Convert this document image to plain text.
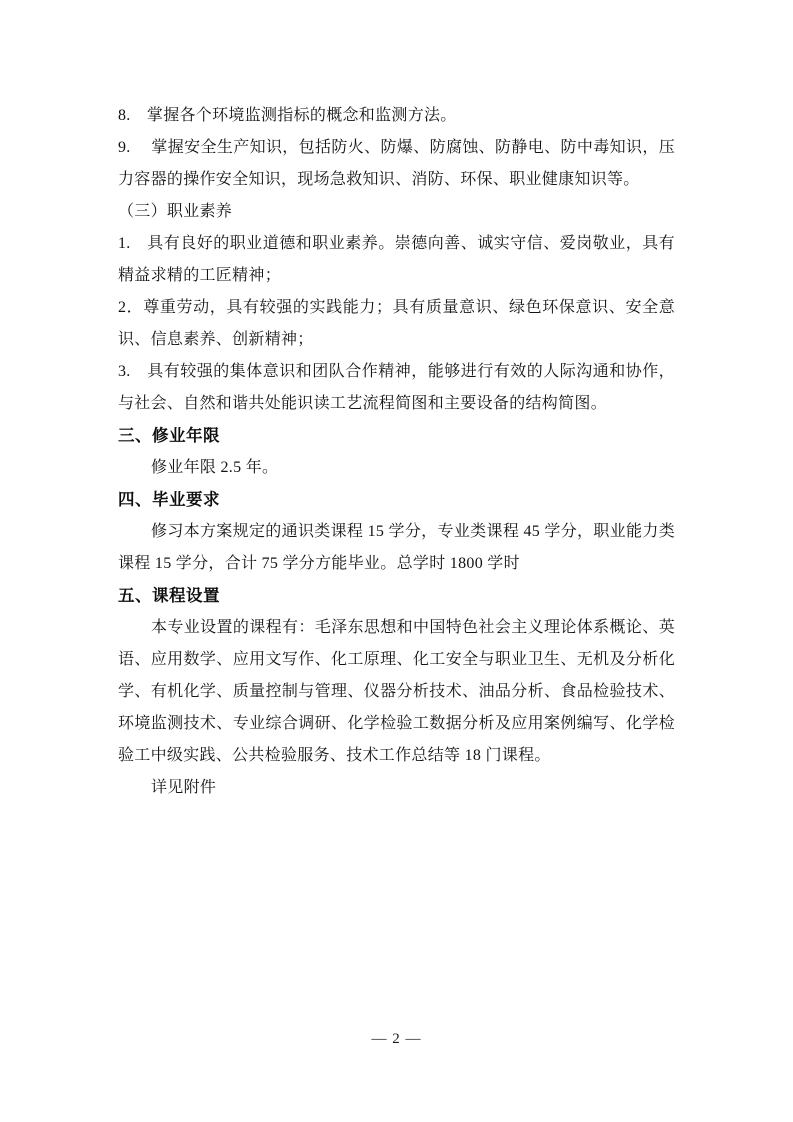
8.　掌握各个环境监测指标的概念和监测方法。

9.　 掌握安全生产知识，包括防火、防爆、防腐蚀、防静电、防中毒知识，压力容器的操作安全知识，现场急救知识、消防、环保、职业健康知识等。

（三）职业素养

1.　具有良好的职业道德和职业素养。崇德向善、诚实守信、爱岗敬业，具有精益求精的工匠精神；

2．尊重劳动，具有较强的实践能力；具有质量意识、绿色环保意识、安全意识、信息素养、创新精神；

3.　具有较强的集体意识和团队合作精神，能够进行有效的人际沟通和协作，与社会、自然和谐共处能识读工艺流程简图和主要设备的结构简图。

三、修业年限

修业年限 2.5 年。

四、毕业要求

修习本方案规定的通识类课程 15 学分，专业类课程 45 学分，职业能力类课程 15 学分，合计 75 学分方能毕业。总学时 1800 学时

五、课程设置

本专业设置的课程有：毛泽东思想和中国特色社会主义理论体系概论、英语、应用数学、应用文写作、化工原理、化工安全与职业卫生、无机及分析化学、有机化学、质量控制与管理、仪器分析技术、油品分析、食品检验技术、环境监测技术、专业综合调研、化学检验工数据分析及应用案例编写、化学检验工中级实践、公共检验服务、技术工作总结等 18 门课程。

详见附件

— 2 —
